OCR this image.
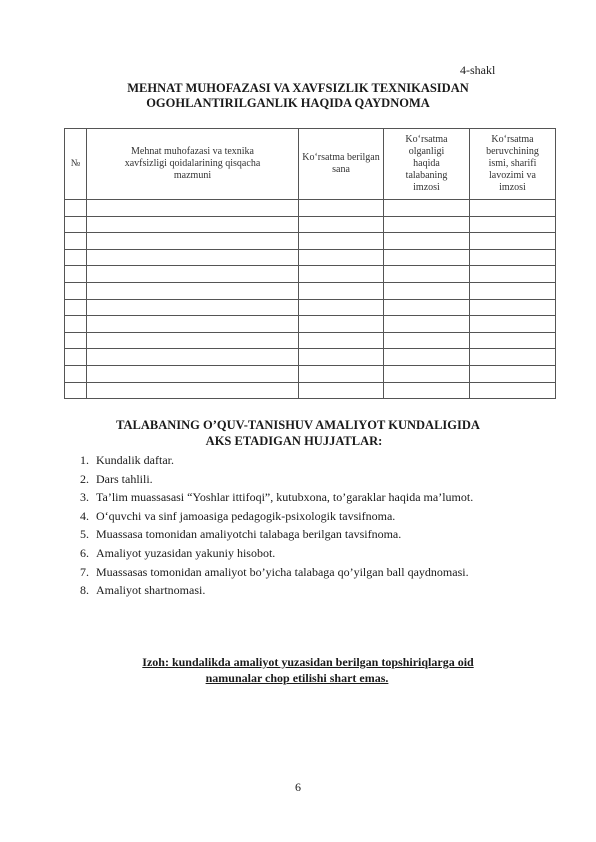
4-shakl
MEHNAT MUHOFAZASI VA XAVFSIZLIK TEXNIKASIDAN
OGOHLANTIRILGANLIK HAQIDA QAYDNOMA
№	Mehnat muhofazasi va texnika xavfsizligi qoidalarining qisqacha mazmuni	Ko‘rsatma berilgan sana	Ko‘rsatma olganligi haqida talabaning imzosi	Ko‘rsatma beruvchining ismi, sharifi lavozimi va imzosi

TALABANING O’QUV-TANISHUV AMALIYOT KUNDALIGIDA
AKS ETADIGAN HUJJATLAR:
1. Kundalik daftar.
2. Dars tahlili.
3. Ta’lim muassasasi “Yoshlar ittifoqi”, kutubxona, to’garaklar haqida ma’lumot.
4. O‘quvchi va sinf jamoasiga pedagogik-psixologik tavsifnoma.
5. Muassasa tomonidan amaliyotchi talabaga berilgan tavsifnoma.
6. Amaliyot yuzasidan yakuniy hisobot.
7. Muassasas tomonidan amaliyot bo’yicha talabaga qo’yilgan ball qaydnomasi.
8. Amaliyot shartnomasi.
Izoh: kundalikda amaliyot yuzasidan berilgan topshiriqlarga oid
namunalar chop etilishi shart emas.
6
